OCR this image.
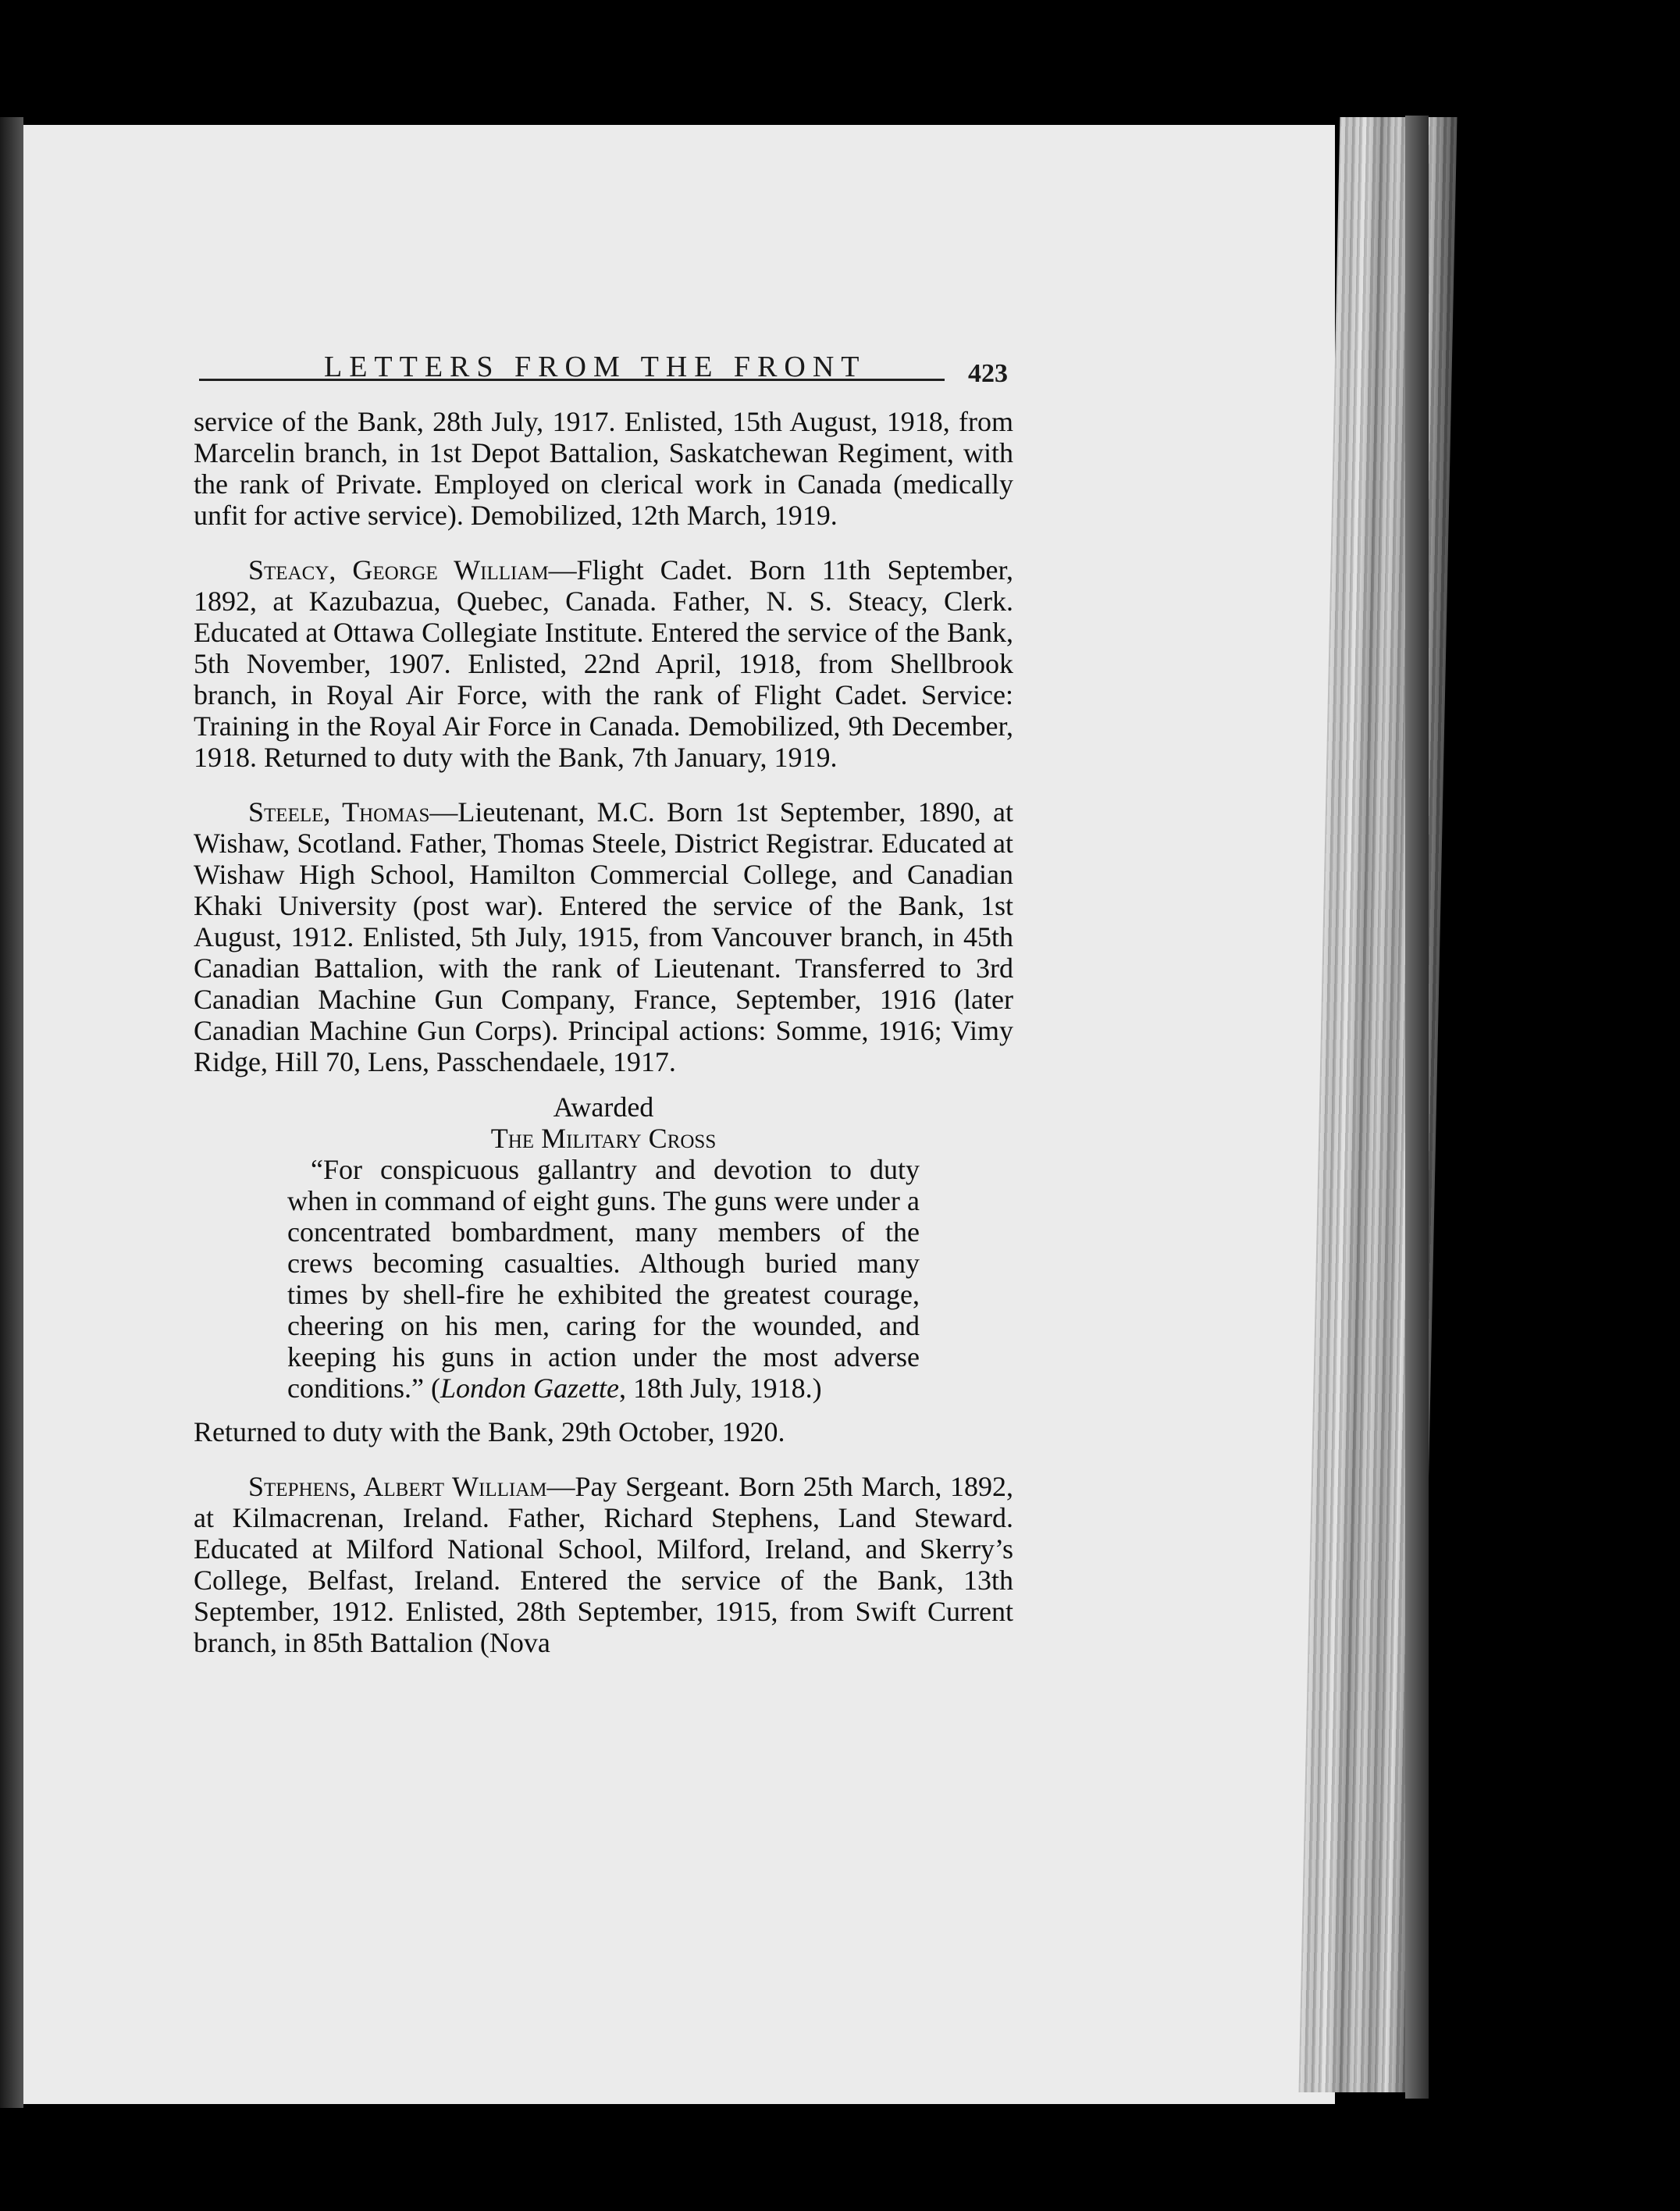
LETTERS FROM THE FRONT	423

service of the Bank, 28th July, 1917. Enlisted, 15th August, 1918, from Marcelin branch, in 1st Depot Battalion, Saskatchewan Regiment, with the rank of Private. Employed on clerical work in Canada (medically unfit for active service). Demobilized, 12th March, 1919.

Steacy, George William—Flight Cadet. Born 11th September, 1892, at Kazubazua, Quebec, Canada. Father, N. S. Steacy, Clerk. Educated at Ottawa Collegiate Institute. Entered the service of the Bank, 5th November, 1907. Enlisted, 22nd April, 1918, from Shellbrook branch, in Royal Air Force, with the rank of Flight Cadet. Service: Training in the Royal Air Force in Canada. Demobilized, 9th December, 1918. Returned to duty with the Bank, 7th January, 1919.

Steele, Thomas—Lieutenant, M.C. Born 1st September, 1890, at Wishaw, Scotland. Father, Thomas Steele, District Registrar. Educated at Wishaw High School, Hamilton Commercial College, and Canadian Khaki University (post war). Entered the service of the Bank, 1st August, 1912. Enlisted, 5th July, 1915, from Vancouver branch, in 45th Canadian Battalion, with the rank of Lieutenant. Transferred to 3rd Canadian Machine Gun Company, France, September, 1916 (later Canadian Machine Gun Corps). Principal actions: Somme, 1916; Vimy Ridge, Hill 70, Lens, Passchendaele, 1917.

Awarded

The Military Cross

“For conspicuous gallantry and devotion to duty when in command of eight guns. The guns were under a concentrated bombardment, many members of the crews becoming casualties. Although buried many times by shell-fire he exhibited the greatest courage, cheering on his men, caring for the wounded, and keeping his guns in action under the most adverse conditions.” (London Gazette, 18th July, 1918.)

Returned to duty with the Bank, 29th October, 1920.

Stephens, Albert William—Pay Sergeant. Born 25th March, 1892, at Kilmacrenan, Ireland. Father, Richard Stephens, Land Steward. Educated at Milford National School, Milford, Ireland, and Skerry’s College, Belfast, Ireland. Entered the service of the Bank, 13th September, 1912. Enlisted, 28th September, 1915, from Swift Current branch, in 85th Battalion (Nova
